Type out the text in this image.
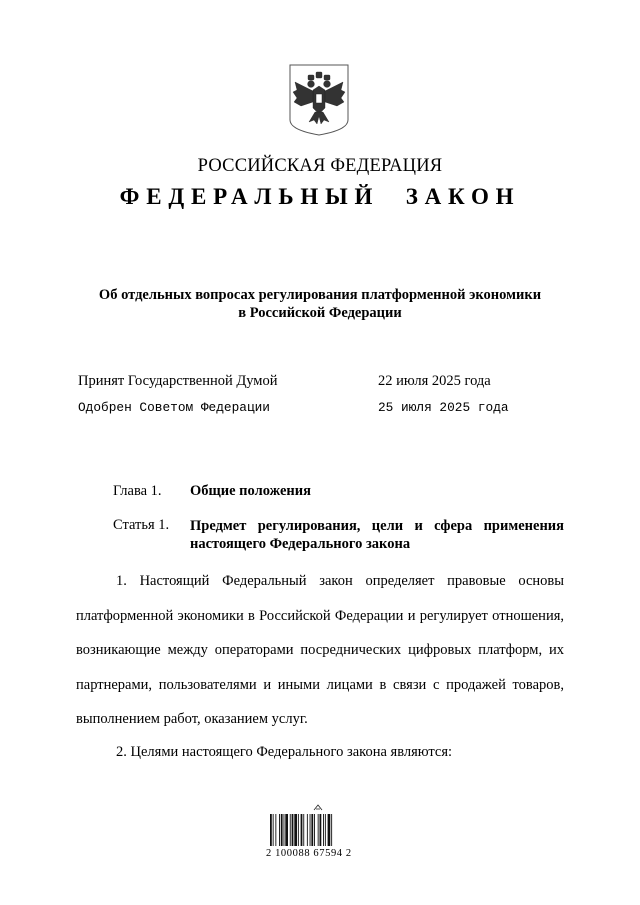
РОССИЙСКАЯ ФЕДЕРАЦИЯ
ФЕДЕРАЛЬНЫЙ ЗАКОН
Об отдельных вопросах регулирования платформенной экономики
в Российской Федерации
Принят Государственной Думой	22 июля 2025 года
Одобрен Советом Федерации	25 июля 2025 года
Глава 1. Общие положения
Статья 1. Предмет регулирования, цели и сфера применения настоящего Федерального закона
1. Настоящий Федеральный закон определяет правовые основы платформенной экономики в Российской Федерации и регулирует отношения, возникающие между операторами посреднических цифровых платформ, их партнерами, пользователями и иными лицами в связи с продажей товаров, выполнением работ, оказанием услуг.
2. Целями настоящего Федерального закона являются:
2 100088 67594 2
